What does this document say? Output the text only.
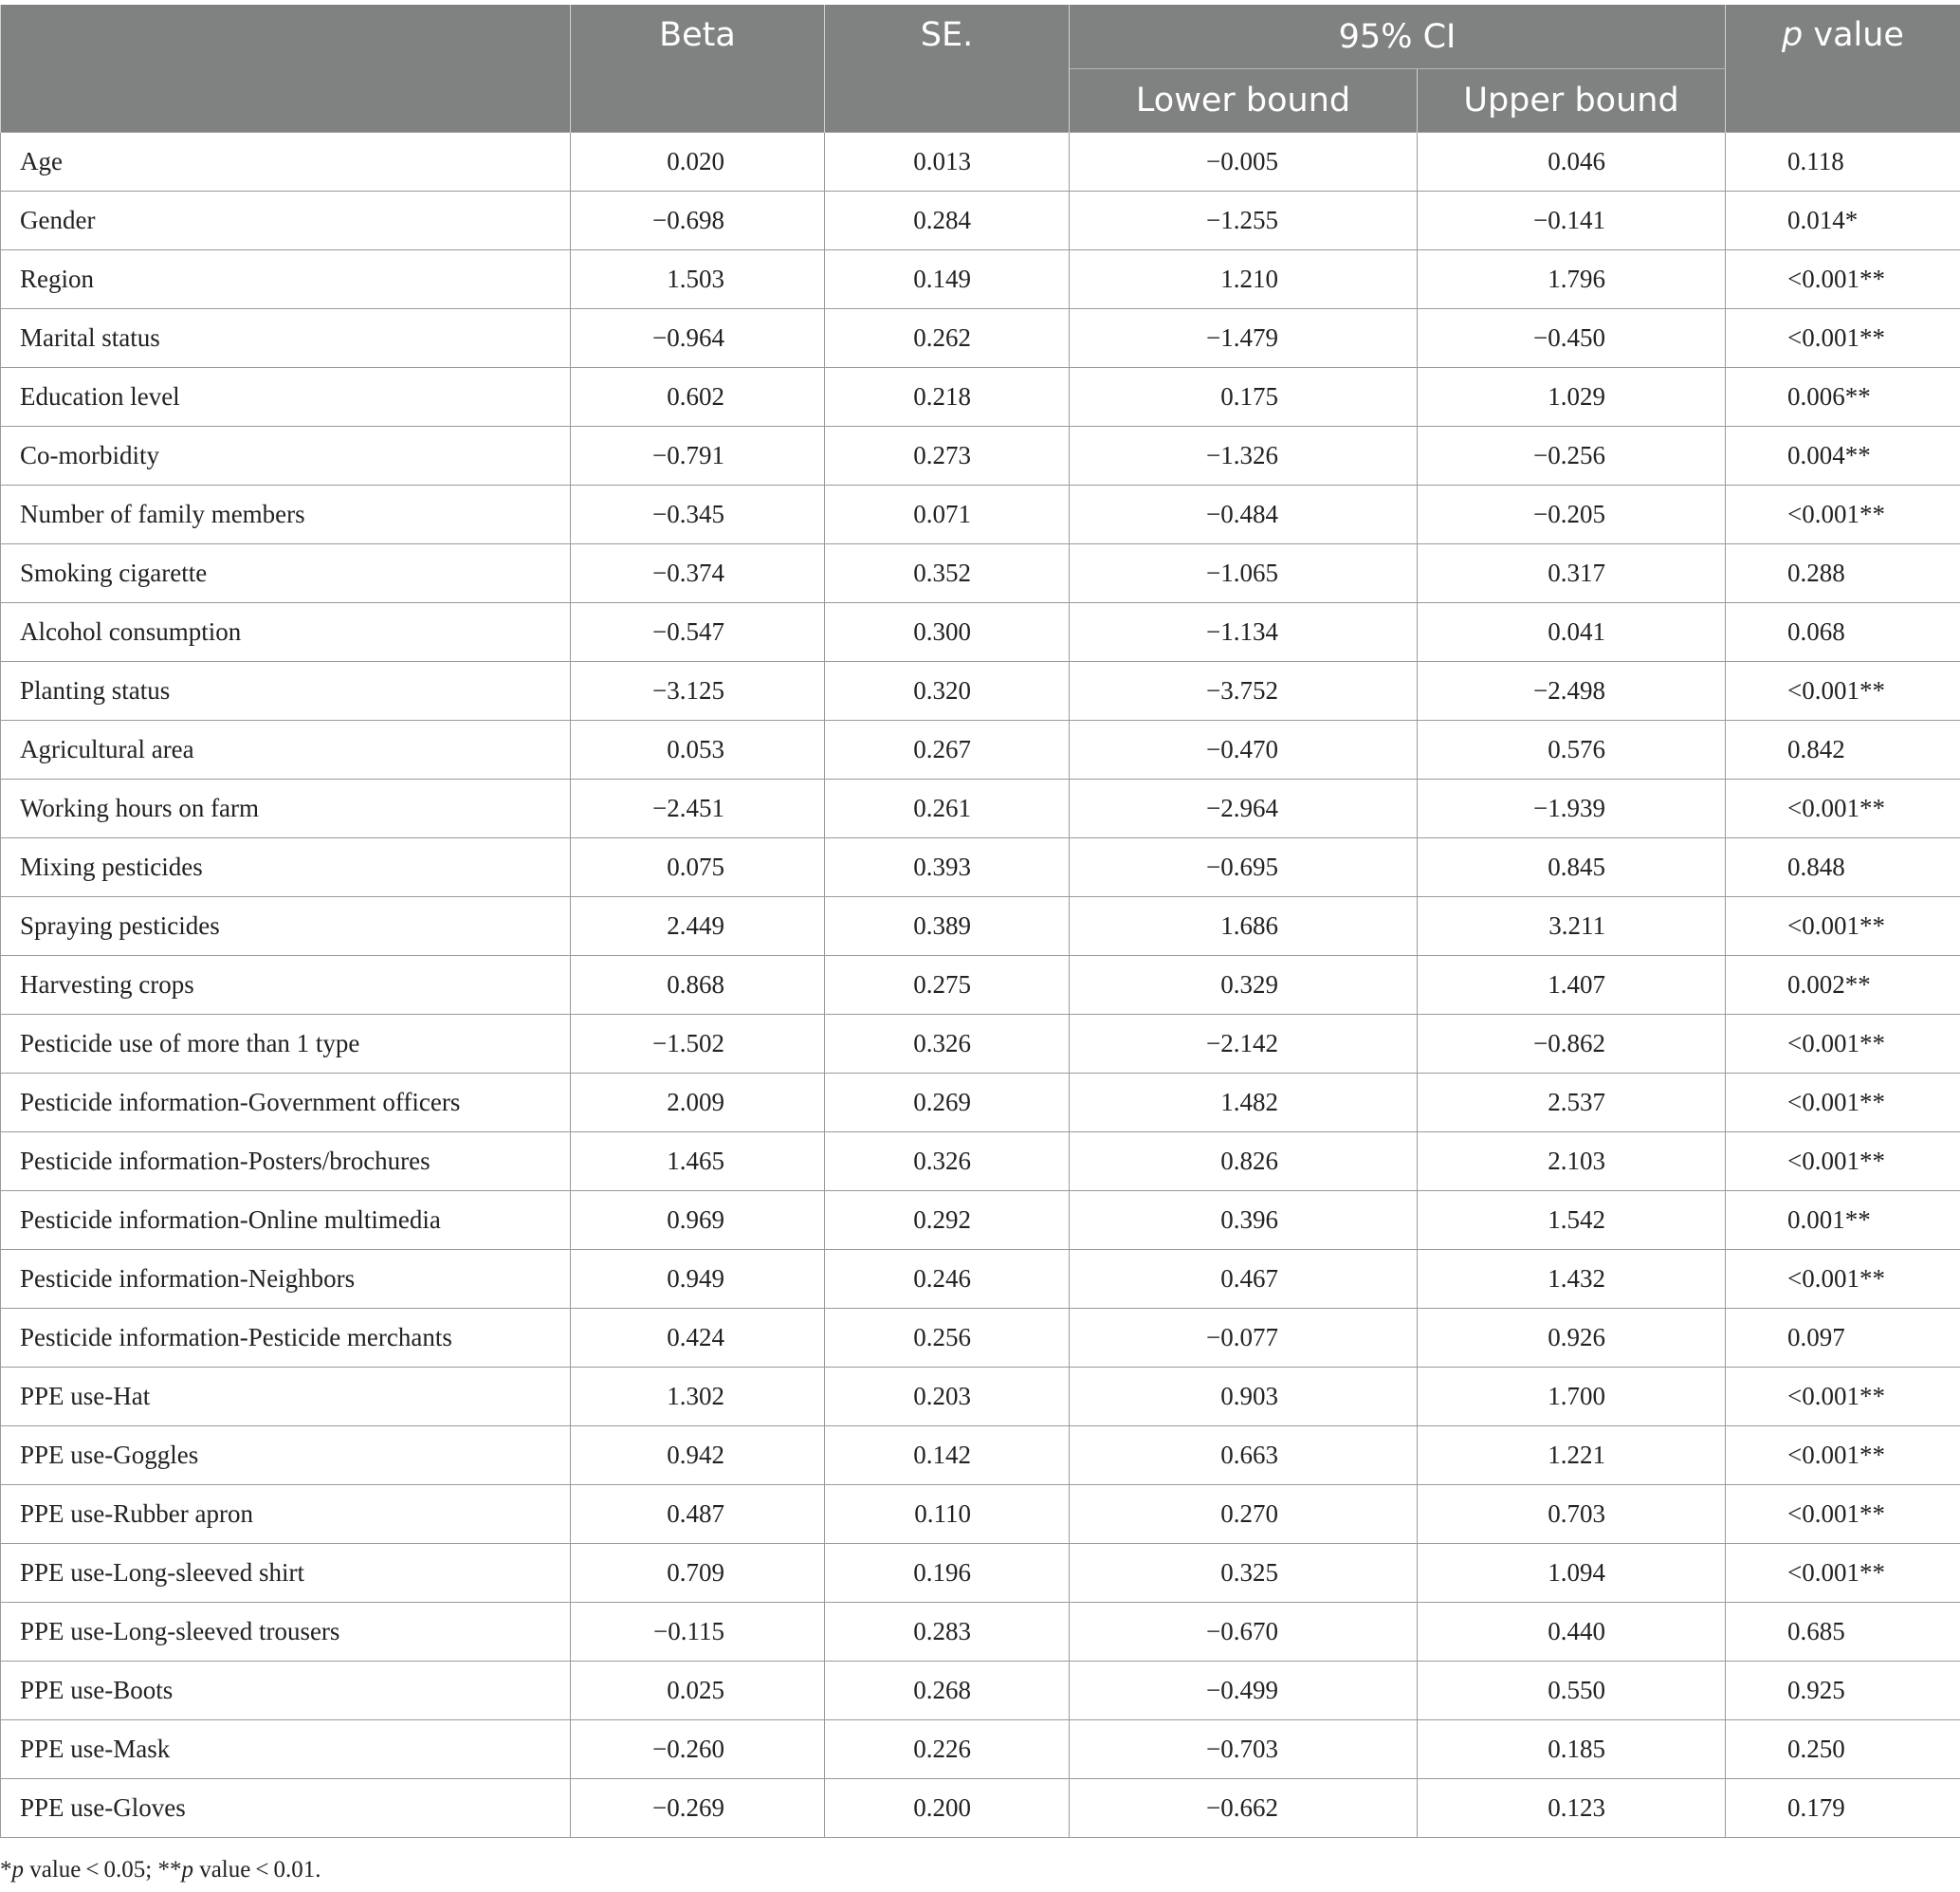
	Beta	SE.	95% CI		p value
			Lower bound	Upper bound	
Age	0.020	0.013	−0.005	0.046	0.118
Gender	−0.698	0.284	−1.255	−0.141	0.014*
Region	1.503	0.149	1.210	1.796	<0.001**
Marital status	−0.964	0.262	−1.479	−0.450	<0.001**
Education level	0.602	0.218	0.175	1.029	0.006**
Co-morbidity	−0.791	0.273	−1.326	−0.256	0.004**
Number of family members	−0.345	0.071	−0.484	−0.205	<0.001**
Smoking cigarette	−0.374	0.352	−1.065	0.317	0.288
Alcohol consumption	−0.547	0.300	−1.134	0.041	0.068
Planting status	−3.125	0.320	−3.752	−2.498	<0.001**
Agricultural area	0.053	0.267	−0.470	0.576	0.842
Working hours on farm	−2.451	0.261	−2.964	−1.939	<0.001**
Mixing pesticides	0.075	0.393	−0.695	0.845	0.848
Spraying pesticides	2.449	0.389	1.686	3.211	<0.001**
Harvesting crops	0.868	0.275	0.329	1.407	0.002**
Pesticide use of more than 1 type	−1.502	0.326	−2.142	−0.862	<0.001**
Pesticide information-Government officers	2.009	0.269	1.482	2.537	<0.001**
Pesticide information-Posters/brochures	1.465	0.326	0.826	2.103	<0.001**
Pesticide information-Online multimedia	0.969	0.292	0.396	1.542	0.001**
Pesticide information-Neighbors	0.949	0.246	0.467	1.432	<0.001**
Pesticide information-Pesticide merchants	0.424	0.256	−0.077	0.926	0.097
PPE use-Hat	1.302	0.203	0.903	1.700	<0.001**
PPE use-Goggles	0.942	0.142	0.663	1.221	<0.001**
PPE use-Rubber apron	0.487	0.110	0.270	0.703	<0.001**
PPE use-Long-sleeved shirt	0.709	0.196	0.325	1.094	<0.001**
PPE use-Long-sleeved trousers	−0.115	0.283	−0.670	0.440	0.685
PPE use-Boots	0.025	0.268	−0.499	0.550	0.925
PPE use-Mask	−0.260	0.226	−0.703	0.185	0.250
PPE use-Gloves	−0.269	0.200	−0.662	0.123	0.179
*p value < 0.05; **p value < 0.01.
